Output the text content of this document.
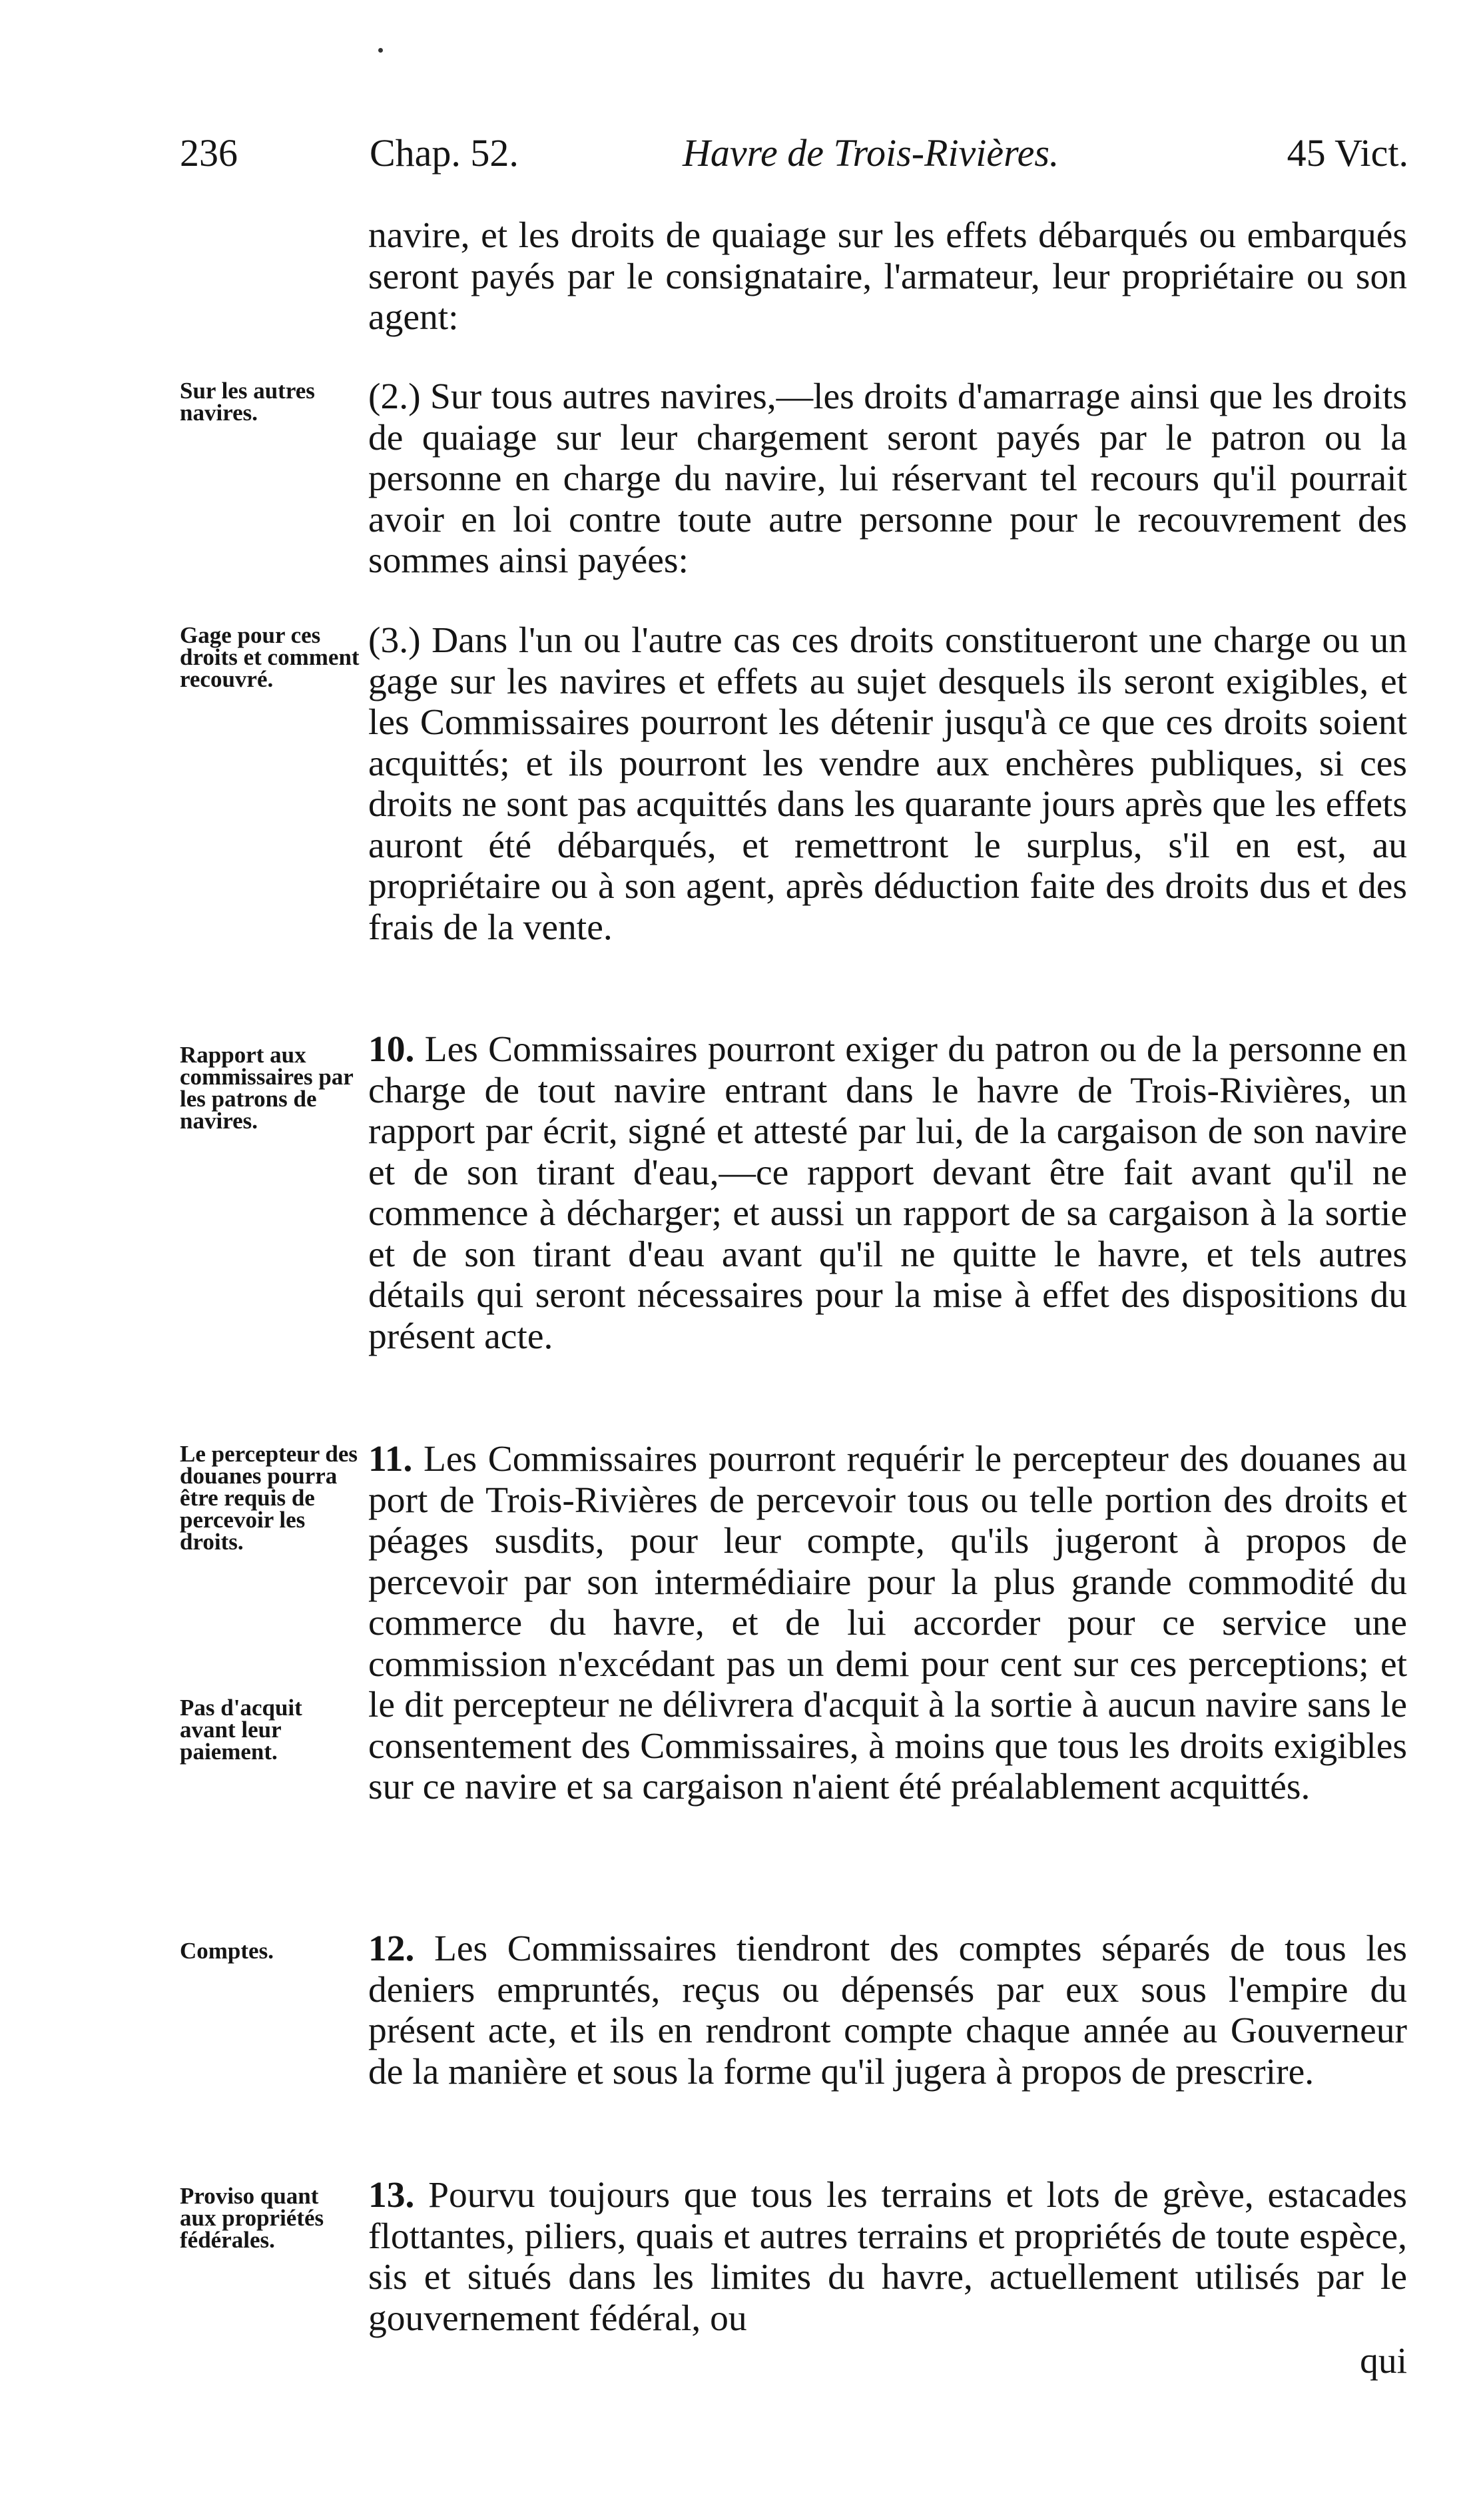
236	Chap. 52.	Havre de Trois-Rivières.	45 Vict.

navire, et les droits de quaiage sur les effets débarqués ou embarqués seront payés par le consignataire, l'armateur, leur propriétaire ou son agent:

Sur les autres navires.	(2.) Sur tous autres navires,—les droits d'amarrage ainsi que les droits de quaiage sur leur chargement seront payés par le patron ou la personne en charge du navire, lui réservant tel recours qu'il pourrait avoir en loi contre toute autre personne pour le recouvrement des sommes ainsi payées:

Gage pour ces droits et comment recouvré.

(3.) Dans l'un ou l'autre cas ces droits constitueront une charge ou un gage sur les navires et effets au sujet desquels ils seront exigibles, et les Commissaires pourront les détenir jusqu'à ce que ces droits soient acquittés; et ils pourront les vendre aux enchères publiques, si ces droits ne sont pas acquittés dans les quarante jours après que les effets auront été débarqués, et remettront le surplus, s'il en est, au propriétaire ou à son agent, après déduction faite des droits dus et des frais de la vente.

Rapport aux commissaires par les patrons de navires.

10. Les Commissaires pourront exiger du patron ou de la personne en charge de tout navire entrant dans le havre de Trois-Rivières, un rapport par écrit, signé et attesté par lui, de la cargaison de son navire et de son tirant d'eau,—ce rapport devant être fait avant qu'il ne commence à décharger; et aussi un rapport de sa cargaison à la sortie et de son tirant d'eau avant qu'il ne quitte le havre, et tels autres détails qui seront nécessaires pour la mise à effet des dispositions du présent acte.

Le percepteur des douanes pourra être requis de percevoir les droits.
Pas d'acquit avant leur paiement.

11. Les Commissaires pourront requérir le percepteur des douanes au port de Trois-Rivières de percevoir tous ou telle portion des droits et péages susdits, pour leur compte, qu'ils jugeront à propos de percevoir par son intermédiaire pour la plus grande commodité du commerce du havre, et de lui accorder pour ce service une commission n'excédant pas un demi pour cent sur ces perceptions; et le dit percepteur ne délivrera d'acquit à la sortie à aucun navire sans le consentement des Commissaires, à moins que tous les droits exigibles sur ce navire et sa cargaison n'aient été préalablement acquittés.

Comptes.	12. Les Commissaires tiendront des comptes séparés de tous les deniers empruntés, reçus ou dépensés par eux sous l'empire du présent acte, et ils en rendront compte chaque année au Gouverneur de la manière et sous la forme qu'il jugera à propos de prescrire.

Proviso quant aux propriétés fédérales.

13. Pourvu toujours que tous les terrains et lots de grève, estacades flottantes, piliers, quais et autres terrains et propriétés de toute espèce, sis et situés dans les limites du havre, actuellement utilisés par le gouvernement fédéral, ou

qui
